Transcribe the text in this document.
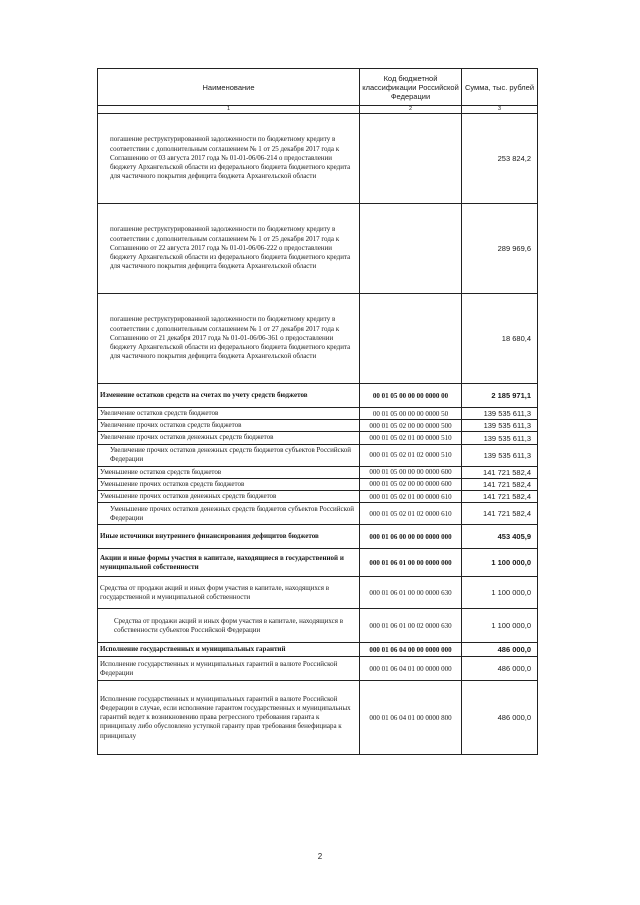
Наименование	Код бюджетной классификации Российской Федерации	Сумма, тыс. рублей
1	2	3
погашение реструктурированной задолженности по бюджетному кредиту в соответствии с дополнительным соглашением № 1 от 25 декабря 2017 года к Соглашению от 03 августа 2017 года № 01-01-06/06-214 о предоставлении бюджету Архангельской области из федерального бюджета бюджетного кредита для частичного покрытия дефицита бюджета Архангельской области		253 824,2
погашение реструктурированной задолженности по бюджетному кредиту в соответствии с дополнительным соглашением № 1 от 25 декабря 2017 года к Соглашению от 22 августа 2017 года № 01-01-06/06-222 о предоставлении бюджету Архангельской области из федерального бюджета бюджетного кредита для частичного покрытия дефицита бюджета Архангельской области		289 969,6
погашение реструктурированной задолженности по бюджетному кредиту в соответствии с дополнительным соглашением № 1 от 27 декабря 2017 года к Соглашению от 21 декабря 2017 года № 01-01-06/06-361 о предоставлении бюджету Архангельской области из федерального бюджета бюджетного кредита для частичного покрытия дефицита бюджета Архангельской области		18 680,4
Изменение остатков средств на счетах по учету средств бюджетов	00 01 05 00 00 00 0000 00	2 185 971,1
Увеличение остатков средств бюджетов	00 01 05 00 00 00 0000 50	139 535 611,3
Увеличение прочих остатков средств бюджетов	000 01 05 02 00 00 0000 500	139 535 611,3
Увеличение прочих остатков денежных средств бюджетов	000 01 05 02 01 00 0000 510	139 535 611,3
Увеличение прочих остатков денежных средств бюджетов субъектов Российской Федерации	000 01 05 02 01 02 0000 510	139 535 611,3
Уменьшение остатков средств бюджетов	000 01 05 00 00 00 0000 600	141 721 582,4
Уменьшение прочих остатков средств бюджетов	000 01 05 02 00 00 0000 600	141 721 582,4
Уменьшение прочих остатков денежных средств бюджетов	000 01 05 02 01 00 0000 610	141 721 582,4
Уменьшение прочих остатков денежных средств бюджетов субъектов Российской Федерации	000 01 05 02 01 02 0000 610	141 721 582,4
Иные источники внутреннего финансирования дефицитов бюджетов	000 01 06 00 00 00 0000 000	453 405,9
Акции и иные формы участия в капитале, находящиеся в государственной и муниципальной собственности	000 01 06 01 00 00 0000 000	1 100 000,0
Средства от продажи акций и иных форм участия в капитале, находящихся в государственной и муниципальной собственности	000 01 06 01 00 00 0000 630	1 100 000,0
Средства от продажи акций и иных форм участия в капитале, находящихся в собственности субъектов Российской Федерации	000 01 06 01 00 02 0000 630	1 100 000,0
Исполнение государственных и муниципальных гарантий	000 01 06 04 00 00 0000 000	486 000,0
Исполнение государственных и муниципальных гарантий в валюте Российской Федерации	000 01 06 04 01 00 0000 000	486 000,0
Исполнение государственных и муниципальных гарантий в валюте Российской Федерации в случае, если исполнение гарантом государственных и муниципальных гарантий ведет к возникновению права регрессного требования гаранта к принципалу либо обусловлено уступкой гаранту прав требования бенефициара к принципалу	000 01 06 04 01 00 0000 800	486 000,0
2
